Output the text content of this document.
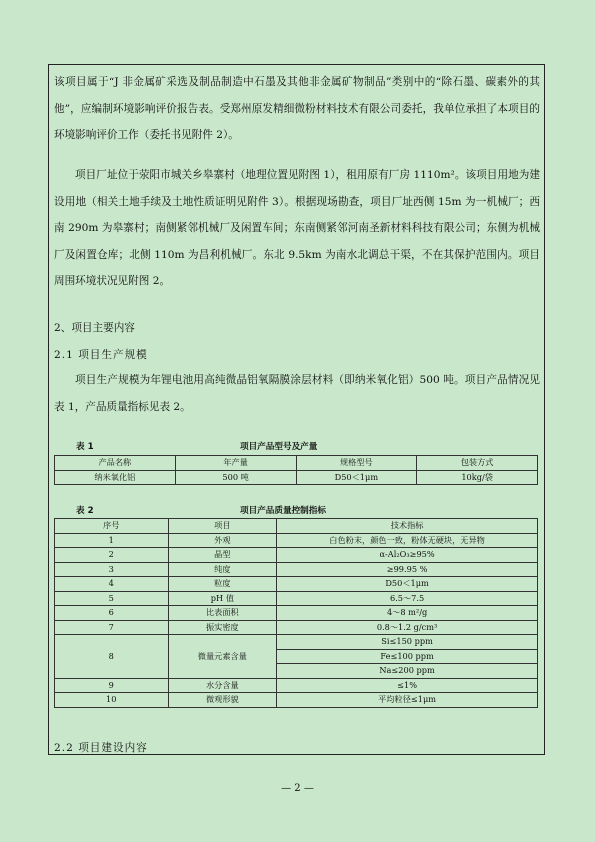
该项目属于“J 非金属矿采选及制品制造中石墨及其他非金属矿物制品”类别中的“除石墨、碳素外的其他”，应编制环境影响评价报告表。受郑州原发精细微粉材料技术有限公司委托，我单位承担了本项目的环境影响评价工作（委托书见附件 2）。

项目厂址位于荥阳市城关乡皋寨村（地理位置见附图 1），租用原有厂房 1110m²。该项目用地为建设用地（相关土地手续及土地性质证明见附件 3）。根据现场勘查，项目厂址西侧 15m 为一机械厂；西南 290m 为皋寨村；南侧紧邻机械厂及闲置车间；东南侧紧邻河南圣新材料科技有限公司；东侧为机械厂及闲置仓库；北侧 110m 为昌利机械厂。东北 9.5km 为南水北调总干渠，不在其保护范围内。项目周围环境状况见附图 2。

2、项目主要内容

2.1 项目生产规模

项目生产规模为年锂电池用高纯微晶铝氧隔膜涂层材料（即纳米氧化铝）500 吨。项目产品情况见表 1，产品质量指标见表 2。

表 1	项目产品型号及产量
产品名称	年产量	规格型号	包装方式
纳米氧化铝	500 吨	D50＜1μm	10kg/袋
表 2	项目产品质量控制指标
序号	项目	技术指标
1	外观	白色粉末，颜色一致，粉体无硬块，无异物
2	晶型	α-Al₂O₃≥95%
3	纯度	≥99.95 %
4	粒度	D50＜1μm
5	pH 值	6.5～7.5
6	比表面积	4～8 m²/g
7	振实密度	0.8～1.2 g/cm³
8	微量元素含量	Si≤150 ppm
		Fe≤100 ppm
		Na≤200 ppm
9	水分含量	≤1%
10	微观形貌	平均粒径≤1μm

2.2 项目建设内容

— 2 —
